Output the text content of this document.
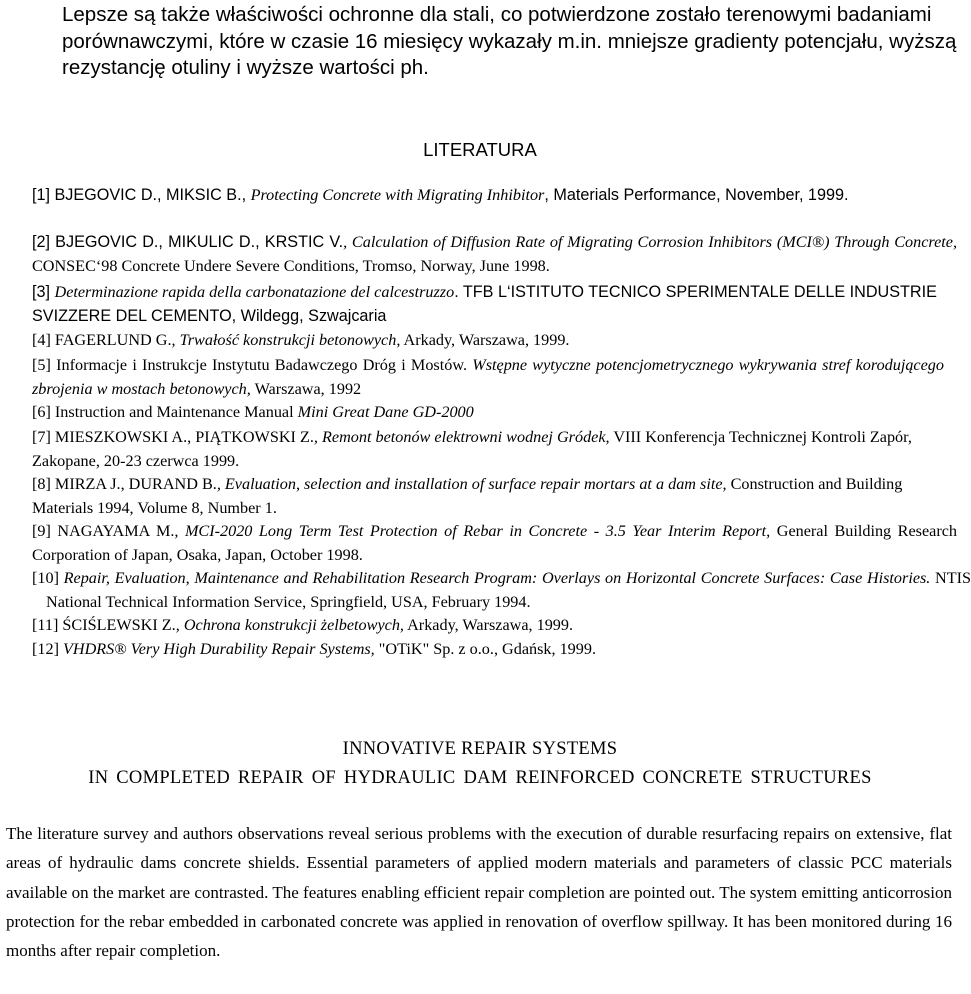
Lepsze są także właściwości ochronne dla stali, co potwierdzone zostało terenowymi badaniami porównawczymi, które w czasie 16 miesięcy wykazały m.in. mniejsze gradienty potencjału, wyższą rezystancję otuliny i wyższe wartości ph.

LITERATURA

[1] BJEGOVIC D., MIKSIC B., Protecting Concrete with Migrating Inhibitor, Materials Performance, November, 1999.

[2] BJEGOVIC D., MIKULIC D., KRSTIC V., Calculation of Diffusion Rate of Migrating Corrosion Inhibitors (MCI®) Through Concrete, CONSEC‘98 Concrete Undere Severe Conditions, Tromso, Norway, June 1998.

[3] Determinazione rapida della carbonatazione del calcestruzzo. TFB L‘ISTITUTO TECNICO SPERIMENTALE DELLE INDUSTRIE SVIZZERE DEL CEMENTO, Wildegg, Szwajcaria

[4] FAGERLUND G., Trwałość konstrukcji betonowych, Arkady, Warszawa, 1999.

[5] Informacje i Instrukcje Instytutu Badawczego Dróg i Mostów. Wstępne wytyczne potencjometrycznego wykrywania stref korodującego zbrojenia w mostach betonowych, Warszawa, 1992

[6] Instruction and Maintenance Manual Mini Great Dane GD-2000

[7] MIESZKOWSKI A., PIĄTKOWSKI Z., Remont betonów elektrowni wodnej Gródek, VIII Konferencja Technicznej Kontroli Zapór, Zakopane, 20-23 czerwca 1999.

[8] MIRZA J., DURAND B., Evaluation, selection and installation of surface repair mortars at a dam site, Construction and Building Materials 1994, Volume 8, Number 1.

[9] NAGAYAMA M., MCI-2020 Long Term Test Protection of Rebar in Concrete - 3.5 Year Interim Report, General Building Research Corporation of Japan, Osaka, Japan, October 1998.

[10] Repair, Evaluation, Maintenance and Rehabilitation Research Program: Overlays on Horizontal Concrete Surfaces: Case Histories. NTIS National Technical Information Service, Springfield, USA, February 1994.

[11] ŚCIŚLEWSKI Z., Ochrona konstrukcji żelbetowych, Arkady, Warszawa, 1999.

[12] VHDRS® Very High Durability Repair Systems, "OTiK" Sp. z o.o., Gdańsk, 1999.

INNOVATIVE REPAIR SYSTEMS

IN COMPLETED REPAIR OF HYDRAULIC DAM REINFORCED CONCRETE STRUCTURES

The literature survey and authors observations reveal serious problems with the execution of durable resurfacing repairs on extensive, flat areas of hydraulic dams concrete shields. Essential parameters of applied modern materials and parameters of classic PCC materials available on the market are contrasted. The features enabling efficient repair completion are pointed out. The system emitting anticorrosion protection for the rebar embedded in carbonated concrete was applied in renovation of overflow spillway. It has been monitored during 16 months after repair completion.
